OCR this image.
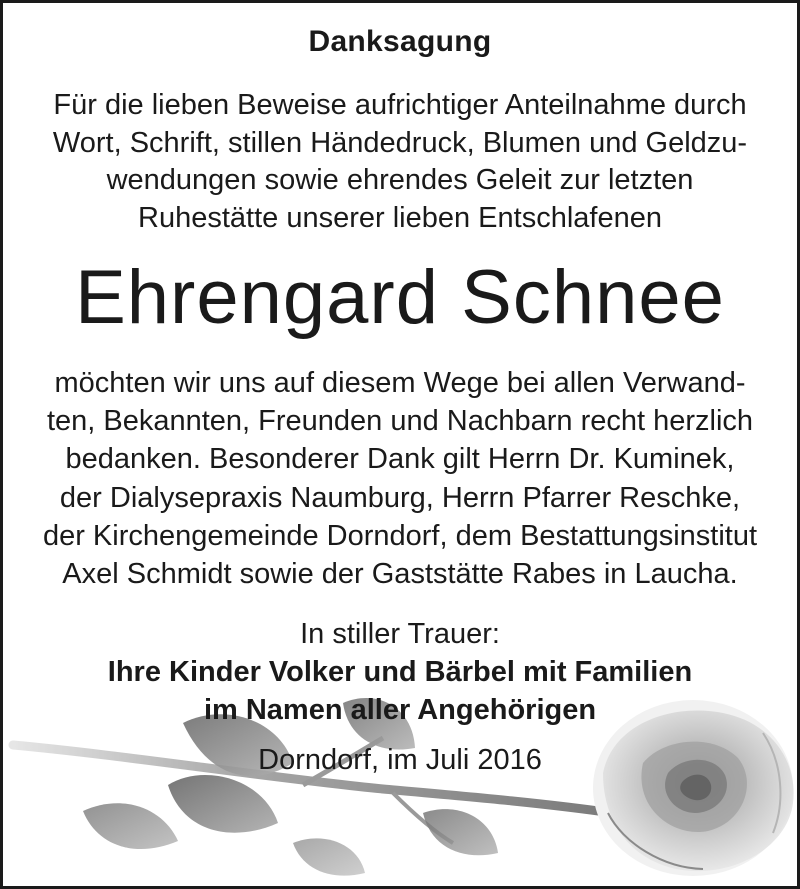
Danksagung
Für die lieben Beweise aufrichtiger Anteilnahme durch
Wort, Schrift, stillen Händedruck, Blumen und Geldzu-
wendungen sowie ehrendes Geleit zur letzten
Ruhestätte unserer lieben Entschlafenen
Ehrengard Schnee
möchten wir uns auf diesem Wege bei allen Verwand-
ten, Bekannten, Freunden und Nachbarn recht herzlich
bedanken. Besonderer Dank gilt Herrn Dr. Kuminek,
der Dialysepraxis Naumburg, Herrn Pfarrer Reschke,
der Kirchengemeinde Dorndorf, dem Bestattungsinstitut
Axel Schmidt sowie der Gaststätte Rabes in Laucha.
In stiller Trauer:
Ihre Kinder Volker und Bärbel mit Familien
im Namen aller Angehörigen
Dorndorf, im Juli 2016
